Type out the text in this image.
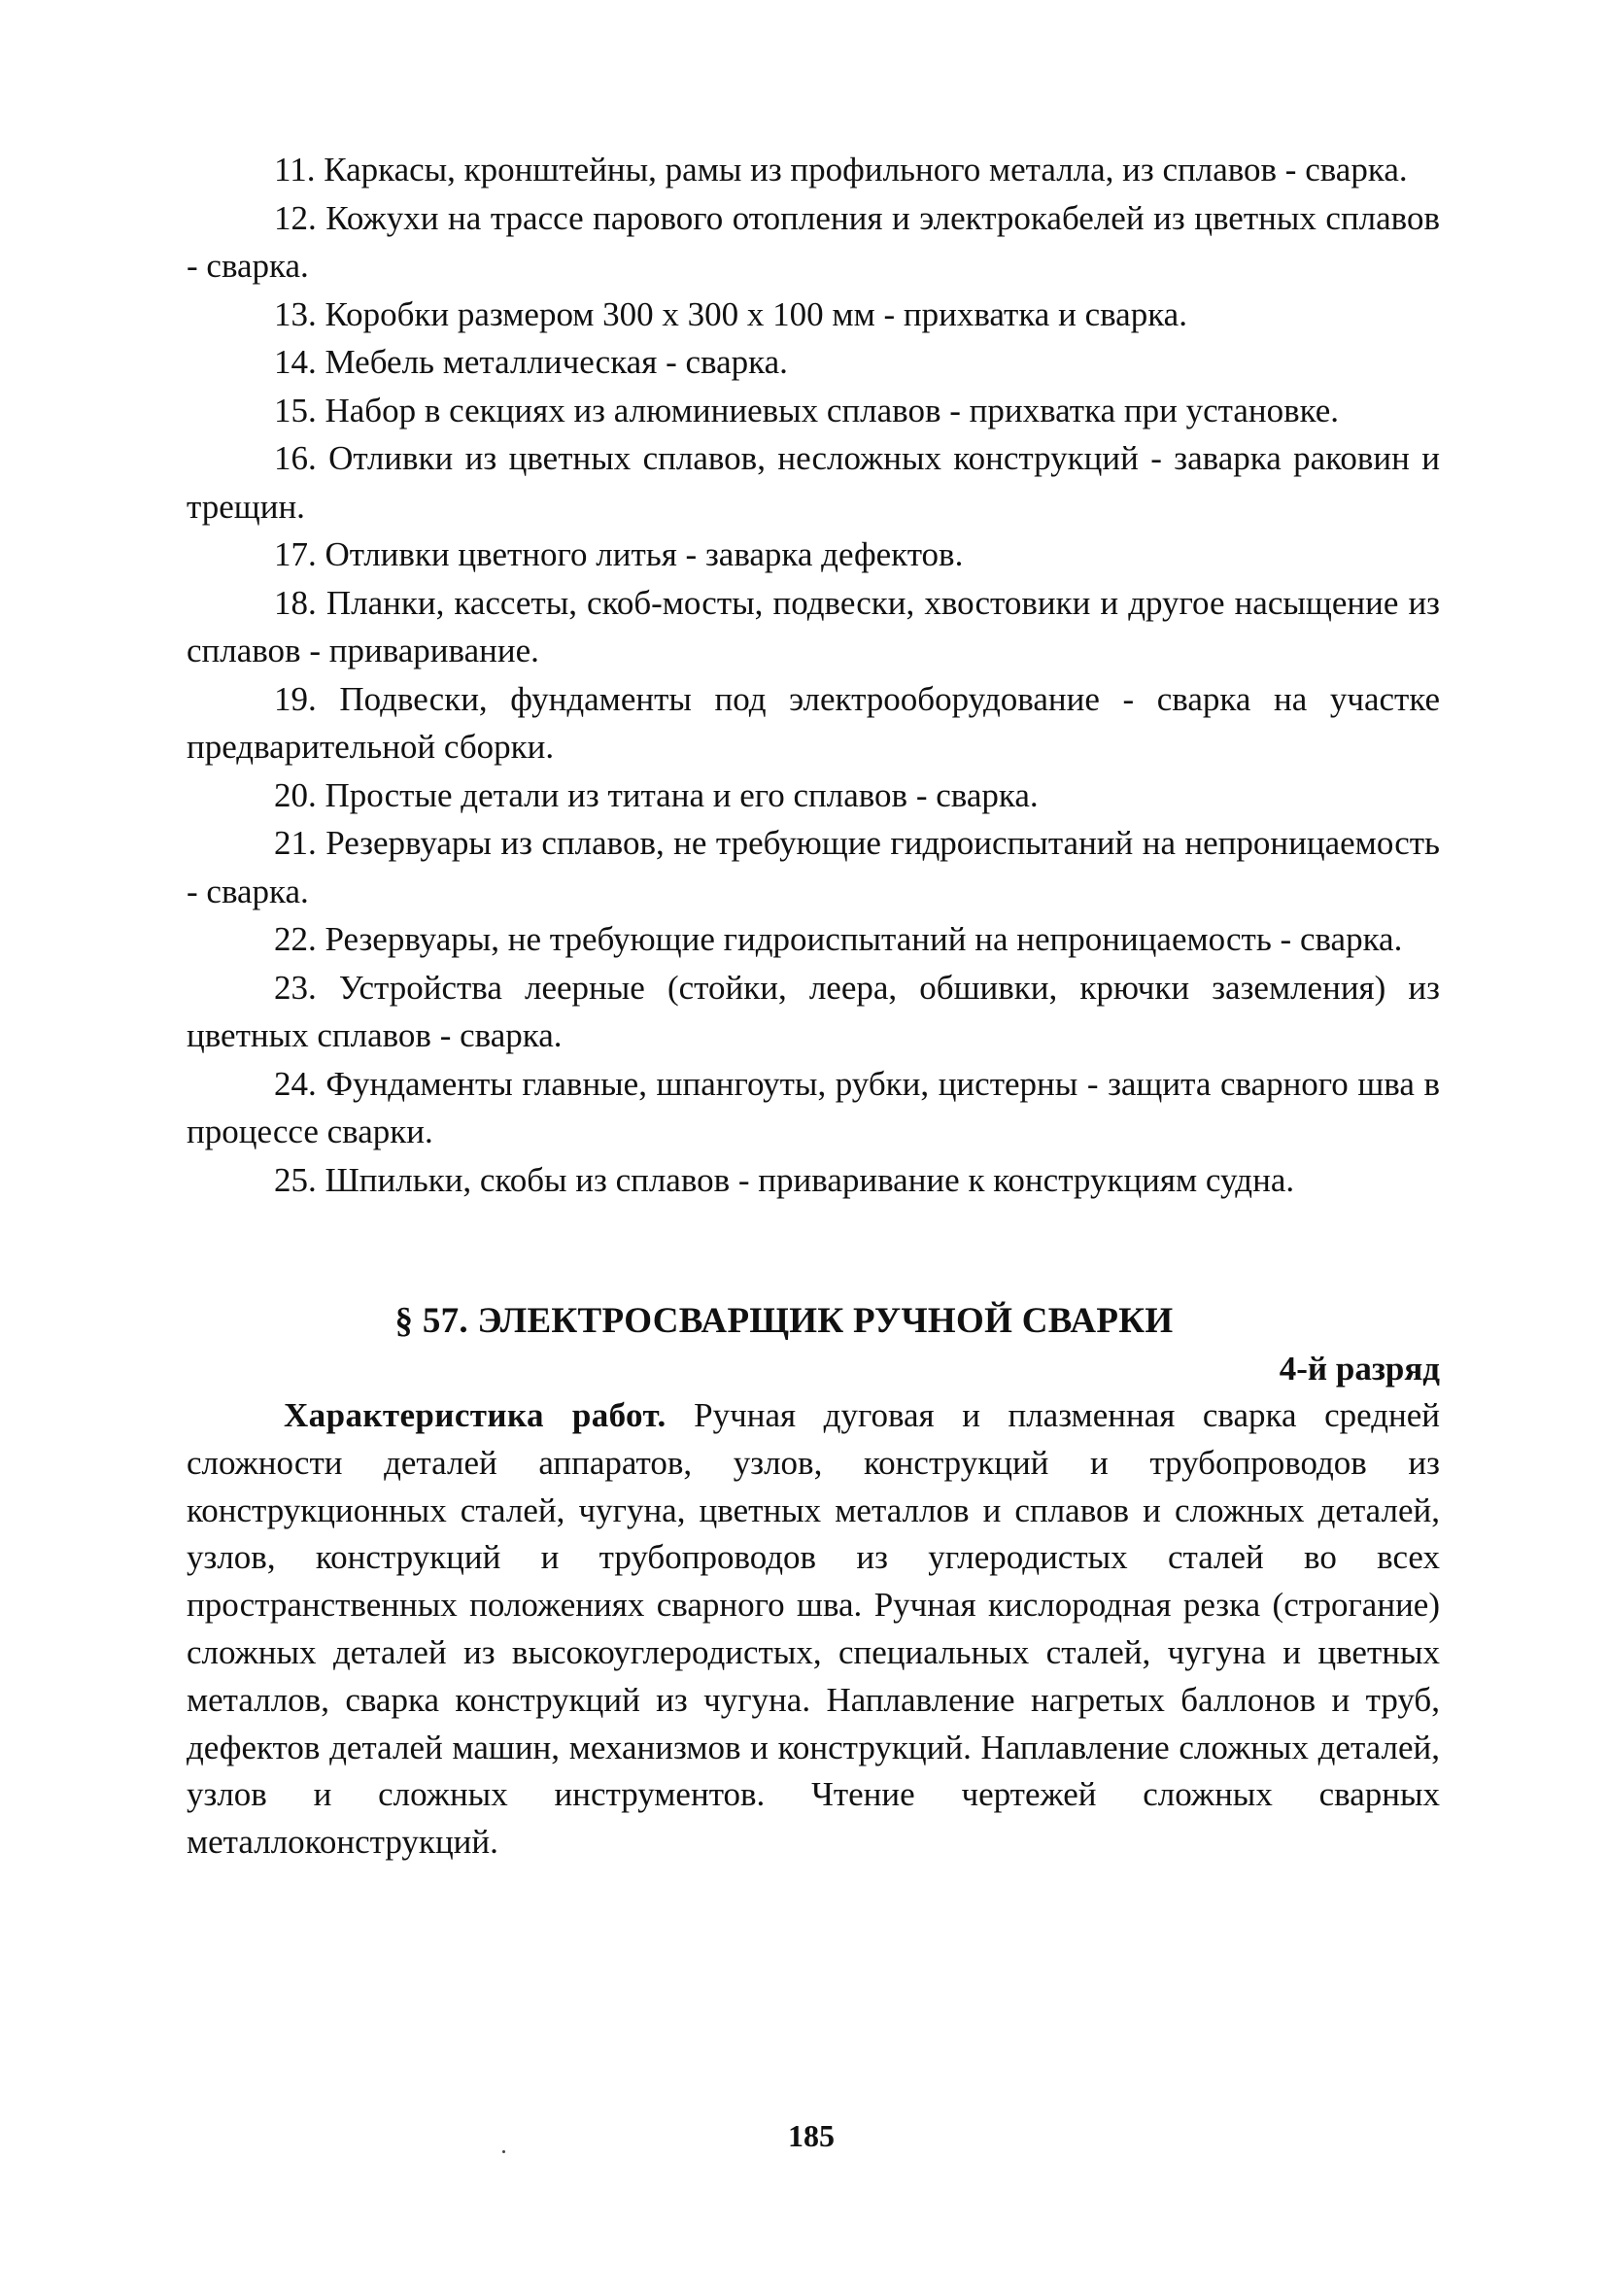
11. Каркасы, кронштейны, рамы из профильного металла, из сплавов - сварка.

12. Кожухи на трассе парового отопления и электрокабелей из цветных сплавов - сварка.

13. Коробки размером 300 х 300 х 100 мм - прихватка и сварка.

14. Мебель металлическая - сварка.

15. Набор в секциях из алюминиевых сплавов - прихватка при установке.

16. Отливки из цветных сплавов, несложных конструкций - заварка раковин и трещин.

17. Отливки цветного литья - заварка дефектов.

18. Планки, кассеты, скоб-мосты, подвески, хвостовики и другое насыщение из сплавов - приваривание.

19. Подвески, фундаменты под электрооборудование - сварка на участке предварительной сборки.

20. Простые детали из титана и его сплавов - сварка.

21. Резервуары из сплавов, не требующие гидроиспытаний на непроницаемость - сварка.

22. Резервуары, не требующие гидроиспытаний на непроницаемость - сварка.

23. Устройства леерные (стойки, леера, обшивки, крючки заземления) из цветных сплавов - сварка.

24. Фундаменты главные, шпангоуты, рубки, цистерны - защита сварного шва в процессе сварки.

25. Шпильки, скобы из сплавов - приваривание к конструкциям судна.

§ 57. ЭЛЕКТРОСВАРЩИК РУЧНОЙ СВАРКИ

4-й разряд

Характеристика работ. Ручная дуговая и плазменная сварка средней сложности деталей аппаратов, узлов, конструкций и трубопроводов из конструкционных сталей, чугуна, цветных металлов и сплавов и сложных деталей, узлов, конструкций и трубопроводов из углеродистых сталей во всех пространственных положениях сварного шва. Ручная кислородная резка (строгание) сложных деталей из высокоуглеродистых, специальных сталей, чугуна и цветных металлов, сварка конструкций из чугуна. Наплавление нагретых баллонов и труб, дефектов деталей машин, механизмов и конструкций. Наплавление сложных деталей, узлов и сложных инструментов. Чтение чертежей сложных сварных металлоконструкций.

185
